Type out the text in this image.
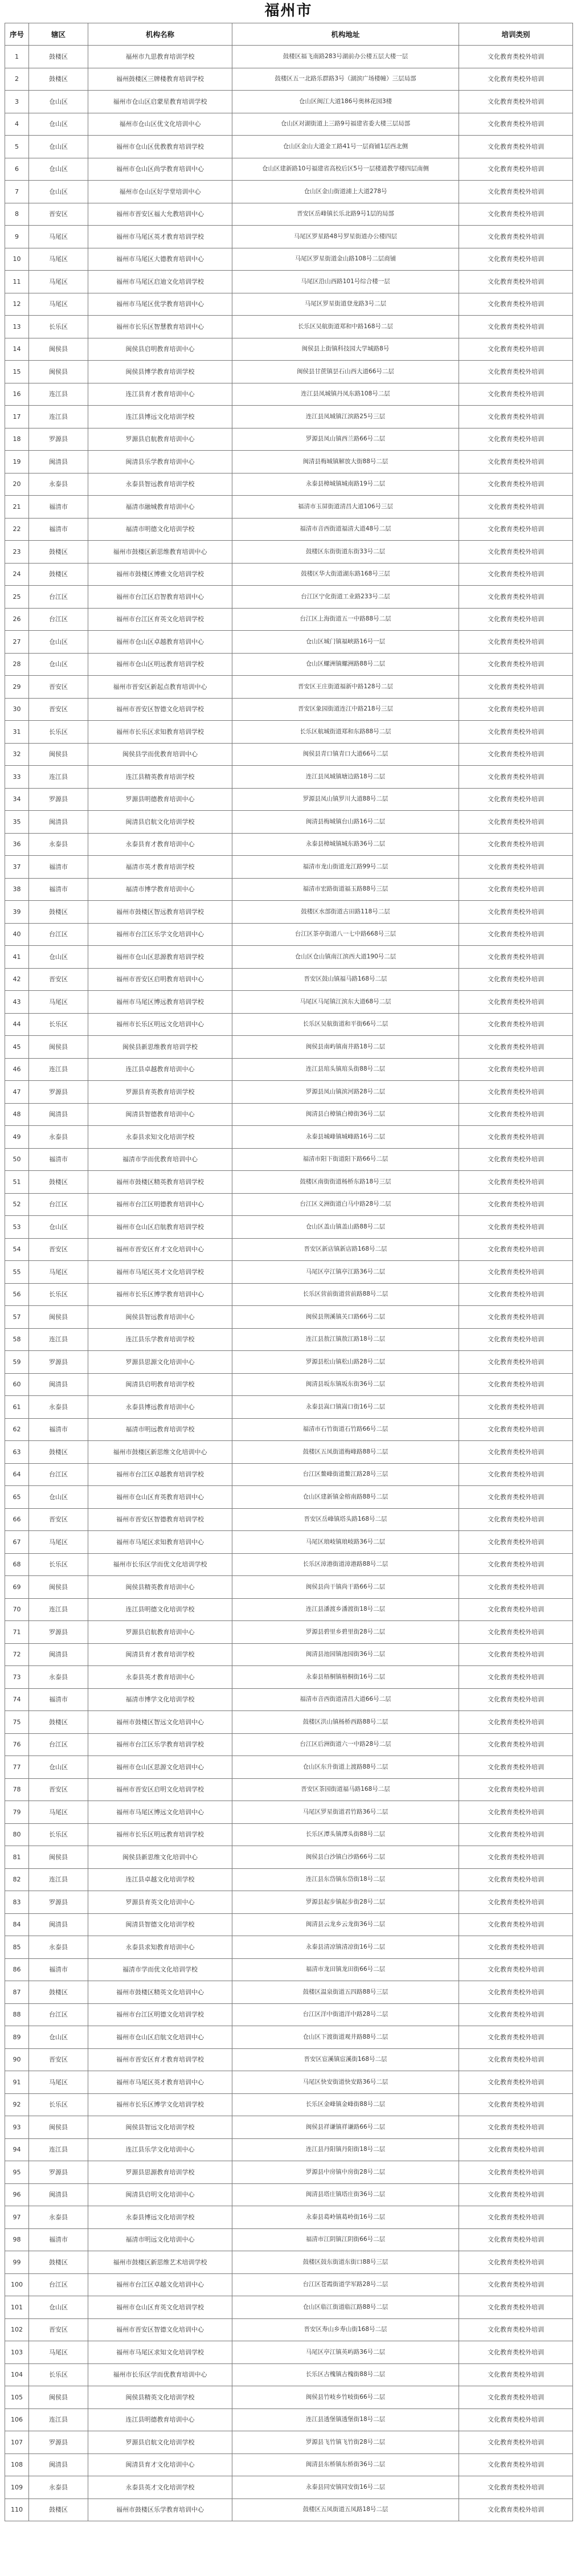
福州市
序号	辖区	机构名称	机构地址	培训类别
1	鼓楼区	福州市九思教育培训学校	鼓楼区福飞南路283号湖前办公楼五层大楼一层	文化教育类校外培训
2	鼓楼区	福州鼓楼区三牌楼教育培训学校	鼓楼区五一北路乐群路3号（湖滨广场楼幢）三层局部	文化教育类校外培训
3	仓山区	福州市仓山区启蒙星教育培训学校	仓山区闽江大道186号奥林花园3楼	文化教育类校外培训
4	仓山区	福州市仓山区优文化培训中心	仓山区对湖街道上三路9号福建省委大楼三层局部	文化教育类校外培训
5	仓山区	福州市仓山区优教教育培训学校	仓山区金山大道金工路41号一层商铺1层西北侧	文化教育类校外培训
6	仓山区	福州市仓山区尚学教育培训中心	仓山区建新路10号福建省高校后区5号一层楼道教学楼四层南侧	文化教育类校外培训
7	仓山区	福州市仓山区好学堂培训中心	仓山区金山街道浦上大道278号	文化教育类校外培训
8	晋安区	福州市晋安区福大允教培训中心	晋安区岳峰镇长乐北路9号1层的局部	文化教育类校外培训
9	马尾区	福州市马尾区英才教育培训学校	马尾区罗星路48号罗星街道办公楼四层	文化教育类校外培训
10	马尾区	福州市马尾区大德教育培训中心	马尾区罗星街道金山路108号二层商铺	文化教育类校外培训
11	马尾区	福州市马尾区启迪文化培训学校	马尾区沿山西路101号综合楼一层	文化教育类校外培训
12	马尾区	福州市马尾区优学教育培训中心	马尾区罗星街道登龙路3号二层	文化教育类校外培训
13	长乐区	福州市长乐区智慧教育培训中心	长乐区吴航街道郑和中路168号二层	文化教育类校外培训
14	闽侯县	闽侯县启明教育培训中心	闽侯县上街镇科技园大学城路8号	文化教育类校外培训
15	闽侯县	闽侯县博学教育培训学校	闽侯县甘蔗镇昙石山西大道66号二层	文化教育类校外培训
16	连江县	连江县育才教育培训中心	连江县凤城镇丹凤东路108号二层	文化教育类校外培训
17	连江县	连江县博远文化培训学校	连江县凤城镇江滨路25号三层	文化教育类校外培训
18	罗源县	罗源县启航教育培训中心	罗源县凤山镇西兰路66号二层	文化教育类校外培训
19	闽清县	闽清县乐学教育培训中心	闽清县梅城镇解放大街88号二层	文化教育类校外培训
20	永泰县	永泰县智远教育培训学校	永泰县樟城镇城南路19号二层	文化教育类校外培训
21	福清市	福清市融城教育培训中心	福清市玉屏街道清昌大道106号三层	文化教育类校外培训
22	福清市	福清市明德文化培训学校	福清市音西街道福清大道48号二层	文化教育类校外培训
23	鼓楼区	福州市鼓楼区新思维教育培训中心	鼓楼区东街街道东街33号二层	文化教育类校外培训
24	鼓楼区	福州市鼓楼区博雅文化培训学校	鼓楼区华大街道湖东路168号三层	文化教育类校外培训
25	台江区	福州市台江区启智教育培训中心	台江区宁化街道工业路233号二层	文化教育类校外培训
26	台江区	福州市台江区育英文化培训学校	台江区上海街道五一中路88号二层	文化教育类校外培训
27	仓山区	福州市仓山区卓越教育培训中心	仓山区城门镇福峡路16号一层	文化教育类校外培训
28	仓山区	福州市仓山区明远教育培训学校	仓山区螺洲镇螺洲路88号二层	文化教育类校外培训
29	晋安区	福州市晋安区新起点教育培训中心	晋安区王庄街道福新中路128号二层	文化教育类校外培训
30	晋安区	福州市晋安区智德文化培训学校	晋安区象园街道连江中路218号三层	文化教育类校外培训
31	长乐区	福州市长乐区求知教育培训学校	长乐区航城街道郑和东路88号二层	文化教育类校外培训
32	闽侯县	闽侯县学而优教育培训中心	闽侯县青口镇青口大道66号二层	文化教育类校外培训
33	连江县	连江县精英教育培训学校	连江县凤城镇塘边路18号二层	文化教育类校外培训
34	罗源县	罗源县明德教育培训中心	罗源县凤山镇罗川大道88号二层	文化教育类校外培训
35	闽清县	闽清县启航文化培训学校	闽清县梅城镇台山路16号二层	文化教育类校外培训
36	永泰县	永泰县育才教育培训中心	永泰县樟城镇城东路36号二层	文化教育类校外培训
37	福清市	福清市英才教育培训学校	福清市龙山街道龙江路99号二层	文化教育类校外培训
38	福清市	福清市博学教育培训中心	福清市宏路街道福玉路88号三层	文化教育类校外培训
39	鼓楼区	福州市鼓楼区智远教育培训学校	鼓楼区水部街道古田路118号二层	文化教育类校外培训
40	台江区	福州市台江区乐学文化培训中心	台江区茶亭街道八一七中路668号三层	文化教育类校外培训
41	仓山区	福州市仓山区思源教育培训学校	仓山区仓山镇南江滨西大道190号二层	文化教育类校外培训
42	晋安区	福州市晋安区启明教育培训中心	晋安区鼓山镇福马路168号二层	文化教育类校外培训
43	马尾区	福州市马尾区博远教育培训学校	马尾区马尾镇江滨东大道68号二层	文化教育类校外培训
44	长乐区	福州市长乐区明远文化培训中心	长乐区吴航街道和平街66号二层	文化教育类校外培训
45	闽侯县	闽侯县新思维教育培训学校	闽侯县南屿镇南井路18号二层	文化教育类校外培训
46	连江县	连江县卓越教育培训中心	连江县琯头镇琯头街88号二层	文化教育类校外培训
47	罗源县	罗源县育英教育培训学校	罗源县凤山镇滨河路28号二层	文化教育类校外培训
48	闽清县	闽清县智德教育培训中心	闽清县白樟镇白樟街36号二层	文化教育类校外培训
49	永泰县	永泰县求知文化培训学校	永泰县城峰镇城峰路16号二层	文化教育类校外培训
50	福清市	福清市学而优教育培训中心	福清市阳下街道阳下路66号二层	文化教育类校外培训
51	鼓楼区	福州市鼓楼区精英教育培训学校	鼓楼区南街街道杨桥东路18号三层	文化教育类校外培训
52	台江区	福州市台江区明德教育培训中心	台江区义洲街道白马中路28号二层	文化教育类校外培训
53	仓山区	福州市仓山区启航教育培训学校	仓山区盖山镇盖山路88号二层	文化教育类校外培训
54	晋安区	福州市晋安区育才文化培训中心	晋安区新店镇新店路168号二层	文化教育类校外培训
55	马尾区	福州市马尾区英才文化培训学校	马尾区亭江镇亭江路36号二层	文化教育类校外培训
56	长乐区	福州市长乐区博学教育培训中心	长乐区营前街道营前路88号二层	文化教育类校外培训
57	闽侯县	闽侯县智远教育培训中心	闽侯县荆溪镇关口路66号二层	文化教育类校外培训
58	连江县	连江县乐学教育培训学校	连江县敖江镇敖江路18号二层	文化教育类校外培训
59	罗源县	罗源县思源文化培训中心	罗源县松山镇松山路28号二层	文化教育类校外培训
60	闽清县	闽清县启明教育培训学校	闽清县坂东镇坂东街36号二层	文化教育类校外培训
61	永泰县	永泰县博远教育培训中心	永泰县嵩口镇嵩口街16号二层	文化教育类校外培训
62	福清市	福清市明远教育培训学校	福清市石竹街道石竹路66号二层	文化教育类校外培训
63	鼓楼区	福州市鼓楼区新思维文化培训中心	鼓楼区五凤街道梅峰路88号二层	文化教育类校外培训
64	台江区	福州市台江区卓越教育培训学校	台江区鳌峰街道鳌江路28号三层	文化教育类校外培训
65	仓山区	福州市仓山区育英教育培训中心	仓山区建新镇金榕南路88号二层	文化教育类校外培训
66	晋安区	福州市晋安区智德教育培训学校	晋安区岳峰镇塔头路168号二层	文化教育类校外培训
67	马尾区	福州市马尾区求知教育培训中心	马尾区琅岐镇琅岐路36号二层	文化教育类校外培训
68	长乐区	福州市长乐区学而优文化培训学校	长乐区漳港街道漳港路88号二层	文化教育类校外培训
69	闽侯县	闽侯县精英教育培训中心	闽侯县尚干镇尚干路66号二层	文化教育类校外培训
70	连江县	连江县明德文化培训学校	连江县潘渡乡潘渡街18号二层	文化教育类校外培训
71	罗源县	罗源县启航教育培训中心	罗源县碧里乡碧里街28号二层	文化教育类校外培训
72	闽清县	闽清县育才教育培训学校	闽清县池园镇池园街36号二层	文化教育类校外培训
73	永泰县	永泰县英才教育培训中心	永泰县梧桐镇梧桐街16号二层	文化教育类校外培训
74	福清市	福清市博学文化培训学校	福清市音西街道清昌大道66号二层	文化教育类校外培训
75	鼓楼区	福州市鼓楼区智远文化培训中心	鼓楼区洪山镇杨桥西路88号二层	文化教育类校外培训
76	台江区	福州市台江区乐学教育培训学校	台江区后洲街道六一中路28号二层	文化教育类校外培训
77	仓山区	福州市仓山区思源文化培训中心	仓山区东升街道上渡路88号二层	文化教育类校外培训
78	晋安区	福州市晋安区启明文化培训学校	晋安区茶园街道福马路168号二层	文化教育类校外培训
79	马尾区	福州市马尾区博远文化培训中心	马尾区罗星街道君竹路36号二层	文化教育类校外培训
80	长乐区	福州市长乐区明远教育培训学校	长乐区潭头镇潭头街88号二层	文化教育类校外培训
81	闽侯县	闽侯县新思维文化培训中心	闽侯县白沙镇白沙路66号二层	文化教育类校外培训
82	连江县	连江县卓越文化培训学校	连江县东岱镇东岱街18号二层	文化教育类校外培训
83	罗源县	罗源县育英文化培训中心	罗源县起步镇起步街28号二层	文化教育类校外培训
84	闽清县	闽清县智德文化培训学校	闽清县云龙乡云龙街36号二层	文化教育类校外培训
85	永泰县	永泰县求知教育培训中心	永泰县清凉镇清凉街16号二层	文化教育类校外培训
86	福清市	福清市学而优文化培训学校	福清市龙田镇龙田街66号二层	文化教育类校外培训
87	鼓楼区	福州市鼓楼区精英文化培训中心	鼓楼区温泉街道五四路88号三层	文化教育类校外培训
88	台江区	福州市台江区明德文化培训学校	台江区洋中街道洋中路28号二层	文化教育类校外培训
89	仓山区	福州市仓山区启航文化培训中心	仓山区下渡街道观井路88号二层	文化教育类校外培训
90	晋安区	福州市晋安区育才教育培训学校	晋安区宦溪镇宦溪街168号二层	文化教育类校外培训
91	马尾区	福州市马尾区英才教育培训中心	马尾区快安街道快安路36号二层	文化教育类校外培训
92	长乐区	福州市长乐区博学文化培训学校	长乐区金峰镇金峰街88号二层	文化教育类校外培训
93	闽侯县	闽侯县智远文化培训学校	闽侯县祥谦镇祥谦路66号二层	文化教育类校外培训
94	连江县	连江县乐学文化培训中心	连江县丹阳镇丹阳街18号二层	文化教育类校外培训
95	罗源县	罗源县思源教育培训学校	罗源县中房镇中房街28号二层	文化教育类校外培训
96	闽清县	闽清县启明文化培训中心	闽清县塔庄镇塔庄街36号二层	文化教育类校外培训
97	永泰县	永泰县博远文化培训学校	永泰县葛岭镇葛岭街16号二层	文化教育类校外培训
98	福清市	福清市明远文化培训中心	福清市江阴镇江阴街66号二层	文化教育类校外培训
99	鼓楼区	福州市鼓楼区新思维艺术培训学校	鼓楼区鼓东街道东街口88号三层	文化教育类校外培训
100	台江区	福州市台江区卓越文化培训中心	台江区苍霞街道学军路28号二层	文化教育类校外培训
101	仓山区	福州市仓山区育英文化培训学校	仓山区临江街道临江路88号二层	文化教育类校外培训
102	晋安区	福州市晋安区智德文化培训中心	晋安区寿山乡寿山街168号二层	文化教育类校外培训
103	马尾区	福州市马尾区求知文化培训学校	马尾区亭江镇英屿路36号二层	文化教育类校外培训
104	长乐区	福州市长乐区学而优教育培训中心	长乐区古槐镇古槐街88号二层	文化教育类校外培训
105	闽侯县	闽侯县精英文化培训学校	闽侯县竹岐乡竹岐街66号二层	文化教育类校外培训
106	连江县	连江县明德教育培训中心	连江县透堡镇透堡街18号二层	文化教育类校外培训
107	罗源县	罗源县启航文化培训学校	罗源县飞竹镇飞竹街28号二层	文化教育类校外培训
108	闽清县	闽清县育才文化培训中心	闽清县东桥镇东桥街36号二层	文化教育类校外培训
109	永泰县	永泰县英才文化培训学校	永泰县同安镇同安街16号二层	文化教育类校外培训
110	鼓楼区	福州市鼓楼区乐学教育培训中心	鼓楼区五凤街道五凤路18号二层	文化教育类校外培训
